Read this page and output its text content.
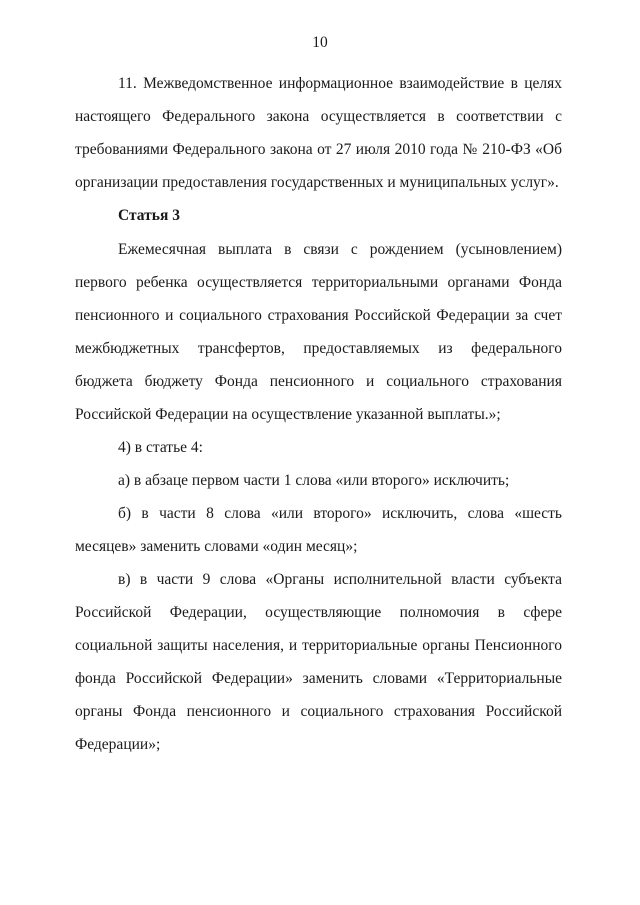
10

11. Межведомственное информационное взаимодействие в целях настоящего Федерального закона осуществляется в соответствии с требованиями Федерального закона от 27 июля 2010 года № 210-ФЗ «Об организации предоставления государственных и муниципальных услуг».

Статья 3

Ежемесячная выплата в связи с рождением (усыновлением) первого ребенка осуществляется территориальными органами Фонда пенсионного и социального страхования Российской Федерации за счет межбюджетных трансфертов, предоставляемых из федерального бюджета бюджету Фонда пенсионного и социального страхования Российской Федерации на осуществление указанной выплаты.»;

4) в статье 4:

а) в абзаце первом части 1 слова «или второго» исключить;

б) в части 8 слова «или второго» исключить, слова «шесть месяцев» заменить словами «один месяц»;

в) в части 9 слова «Органы исполнительной власти субъекта Российской Федерации, осуществляющие полномочия в сфере социальной защиты населения, и территориальные органы Пенсионного фонда Российской Федерации» заменить словами «Территориальные органы Фонда пенсионного и социального страхования Российской Федерации»;
